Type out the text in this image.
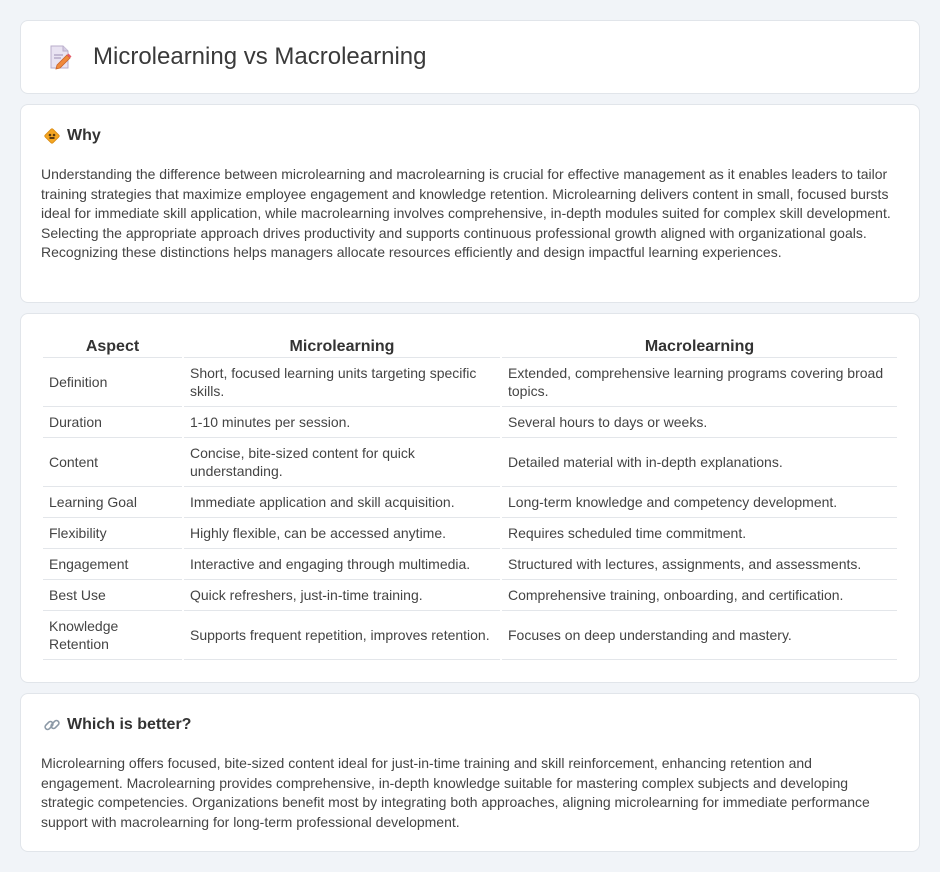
Microlearning vs Macrolearning
Why

Understanding the difference between microlearning and macrolearning is crucial for effective management as it enables leaders to tailor training strategies that maximize employee engagement and knowledge retention. Microlearning delivers content in small, focused bursts ideal for immediate skill application, while macrolearning involves comprehensive, in-depth modules suited for complex skill development. Selecting the appropriate approach drives productivity and supports continuous professional growth aligned with organizational goals. Recognizing these distinctions helps managers allocate resources efficiently and design impactful learning experiences.

Aspect	Microlearning	Macrolearning
Definition	Short, focused learning units targeting specific skills.	Extended, comprehensive learning programs covering broad topics.
Duration	1-10 minutes per session.	Several hours to days or weeks.
Content	Concise, bite-sized content for quick understanding.	Detailed material with in-depth explanations.
Learning Goal	Immediate application and skill acquisition.	Long-term knowledge and competency development.
Flexibility	Highly flexible, can be accessed anytime.	Requires scheduled time commitment.
Engagement	Interactive and engaging through multimedia.	Structured with lectures, assignments, and assessments.
Best Use	Quick refreshers, just-in-time training.	Comprehensive training, onboarding, and certification.
Knowledge Retention	Supports frequent repetition, improves retention.	Focuses on deep understanding and mastery.
Which is better?

Microlearning offers focused, bite-sized content ideal for just-in-time training and skill reinforcement, enhancing retention and engagement. Macrolearning provides comprehensive, in-depth knowledge suitable for mastering complex subjects and developing strategic competencies. Organizations benefit most by integrating both approaches, aligning microlearning for immediate performance support with macrolearning for long-term professional development.
